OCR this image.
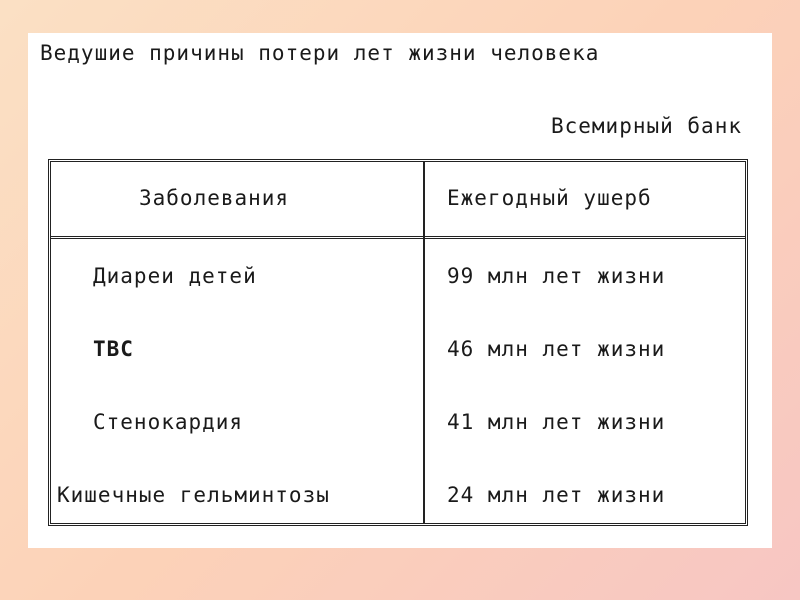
Ведушие причины потери лет жизни человека
Всемирный банк
Заболевания	Ежегодный ушерб
Диареи детей	99 млн лет жизни
ТВС	46 млн лет жизни
Стенокардия	41 млн лет жизни
Кишечные гельминтозы	24 млн лет жизни
